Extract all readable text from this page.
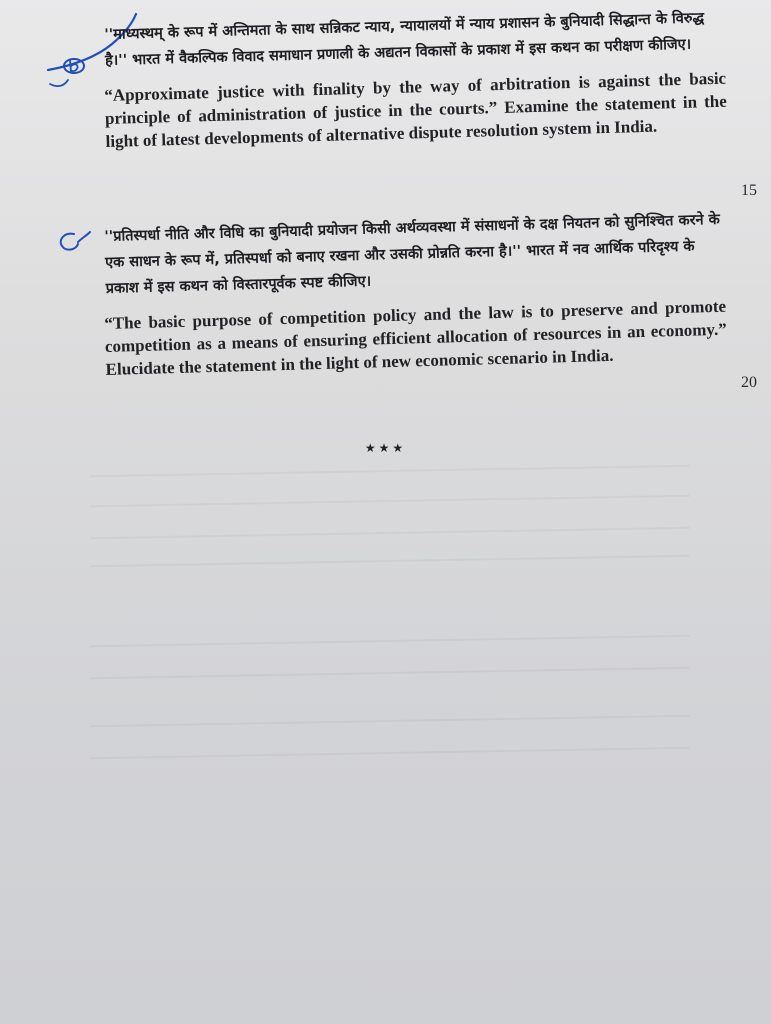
''माध्यस्थम् के रूप में अन्तिमता के साथ सन्निकट न्याय, न्यायालयों में न्याय प्रशासन के बुनियादी सिद्धान्त के विरुद्ध है।'' भारत में वैकल्पिक विवाद समाधान प्रणाली के अद्यतन विकासों के प्रकाश में इस कथन का परीक्षण कीजिए।

“Approximate justice with finality by the way of arbitration is against the basic principle of administration of justice in the courts.” Examine the statement in the light of latest developments of alternative dispute resolution system in India.

15

''प्रतिस्पर्धा नीति और विधि का बुनियादी प्रयोजन किसी अर्थव्यवस्था में संसाधनों के दक्ष नियतन को सुनिश्चित करने के एक साधन के रूप में, प्रतिस्पर्धा को बनाए रखना और उसकी प्रोन्नति करना है।'' भारत में नव आर्थिक परिदृश्य के प्रकाश में इस कथन को विस्तारपूर्वक स्पष्ट कीजिए।

“The basic purpose of competition policy and the law is to preserve and promote competition as a means of ensuring efficient allocation of resources in an economy.” Elucidate the statement in the light of new economic scenario in India.

20
★★★
